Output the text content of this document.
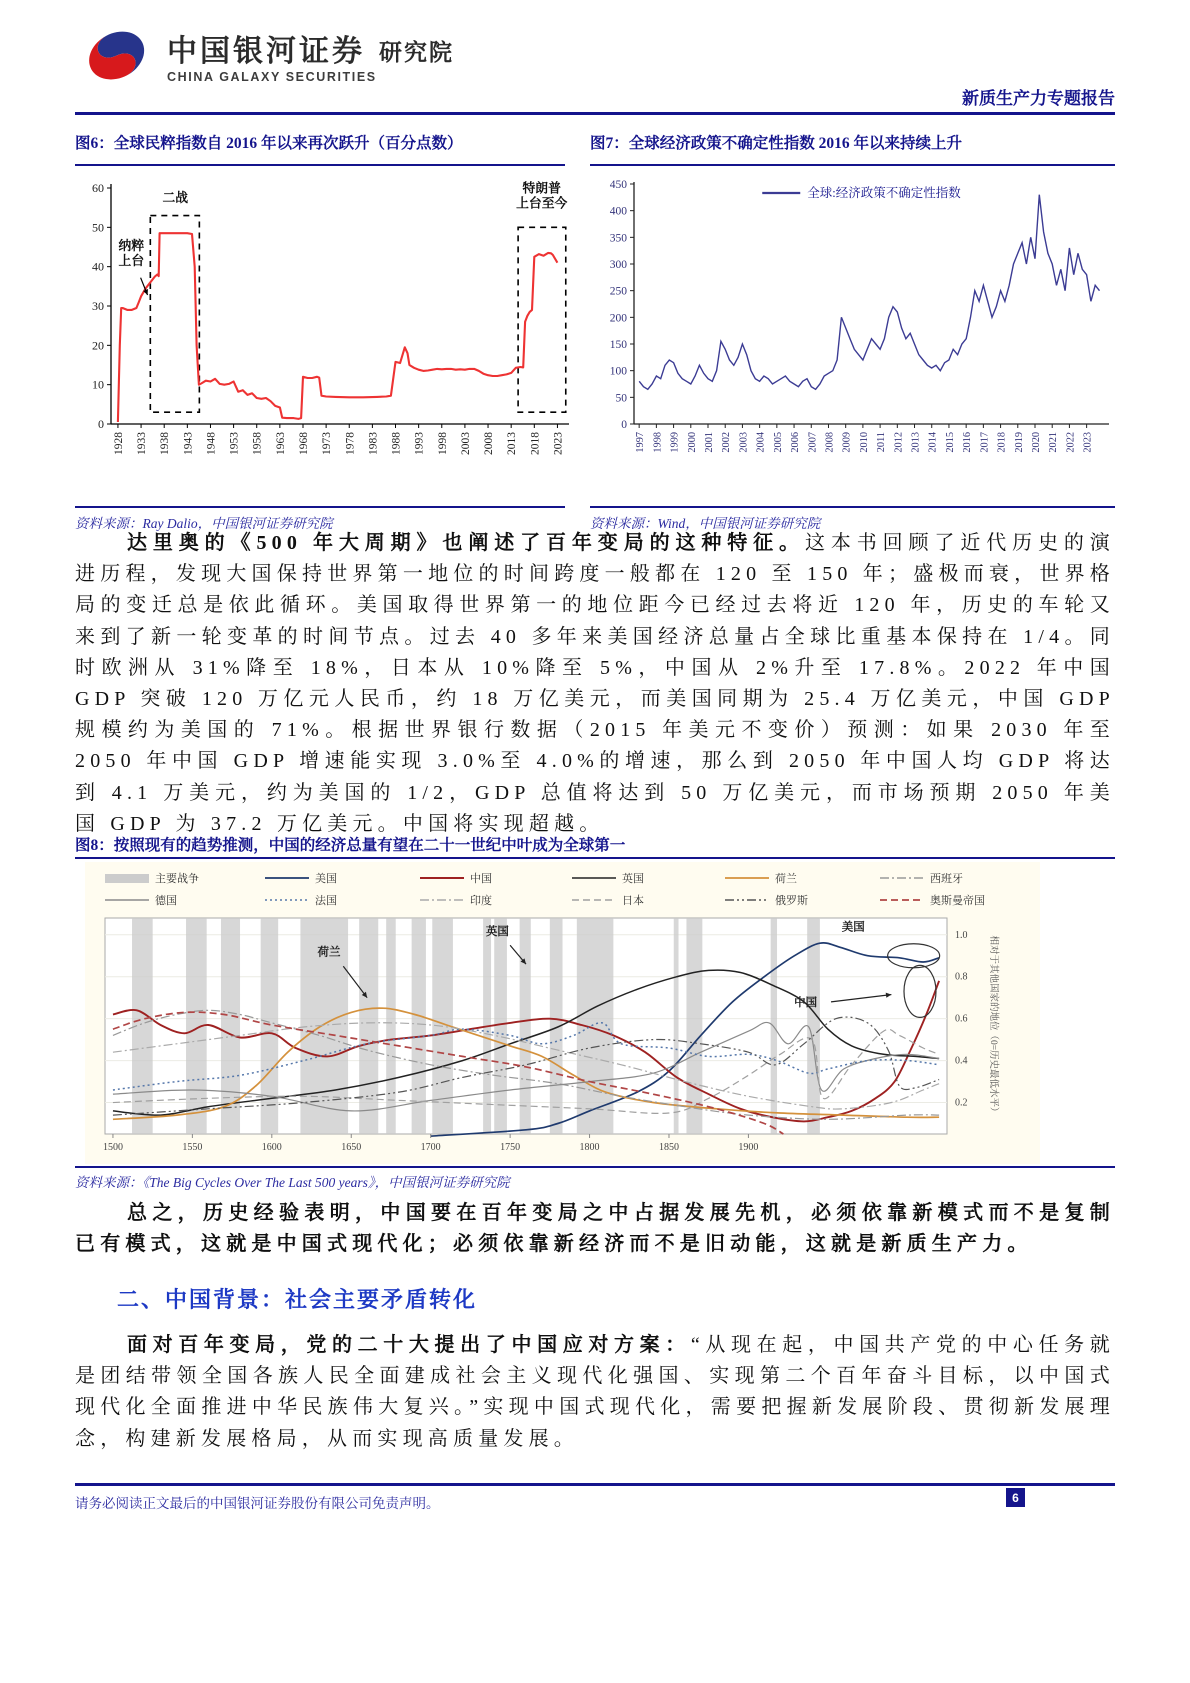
中国银河证券 研究院
CHINA GALAXY SECURITIES
新质生产力专题报告
图6：全球民粹指数自 2016 年以来再次跃升（百分点数）	图7：全球经济政策不确定性指数 2016 年以来持续上升
0
10
20
30
40
50
60
1928 1933 1938 1943 1948 1953 1958 1963 1968 1973 1978 1983 1988 1993 1998 2003 2008 2013 2018 2023
纳粹
上台
二战
特朗普
上台至今
0
50
100
150
200
250
300
350
400
450
1997 1998 1999 2000 2001 2002 2003 2004 2005 2006 2007 2008 2009 2010 2011 2012 2013 2014 2015 2016 2017 2018 2019 2020 2021 2022 2023
全球:经济政策不确定性指数
资料来源：Ray Dalio，中国银河证券研究院	资料来源：Wind，中国银河证券研究院

达里奥的《500 年大周期》也阐述了百年变局的这种特征。这本书回顾了近代历史的演进历程，发现大国保持世界第一地位的时间跨度一般都在 120 至 150 年；盛极而衰，世界格局的变迁总是依此循环。美国取得世界第一的地位距今已经过去将近 120 年，历史的车轮又来到了新一轮变革的时间节点。过去 40 多年来美国经济总量占全球比重基本保持在 1/4。同时欧洲从 31%降至 18%，日本从 10%降至 5%，中国从 2%升至 17.8%。2022 年中国 GDP 突破 120 万亿元人民币，约 18 万亿美元，而美国同期为 25.4 万亿美元，中国 GDP 规模约为美国的 71%。根据世界银行数据（2015 年美元不变价）预测：如果 2030 年至 2050 年中国 GDP 增速能实现 3.0%至 4.0%的增速，那么到 2050 年中国人均 GDP 将达到 4.1 万美元，约为美国的 1/2，GDP 总值将达到 50 万亿美元，而市场预期 2050 年美国 GDP 为 37.2 万亿美元。中国将实现超越。

图8：按照现有的趋势推测，中国的经济总量有望在二十一世纪中叶成为全球第一
主要战争	美国	中国	英国	荷兰	西班牙
德国	法国	印度	日本	俄罗斯	奥斯曼帝国
1500	1550	1600	1650	1700	1750	1800	1850	1900
0.2
0.4
0.6
0.8
1.0
相对于其他国家的地位（0=历史最低水平）
荷兰
英国	美国
中国
资料来源：《The Big Cycles Over The Last 500 years》，中国银河证券研究院

总之，历史经验表明，中国要在百年变局之中占据发展先机，必须依靠新模式而不是复制已有模式，这就是中国式现代化；必须依靠新经济而不是旧动能，这就是新质生产力。

二、中国背景：社会主要矛盾转化

面对百年变局，党的二十大提出了中国应对方案：“从现在起，中国共产党的中心任务就是团结带领全国各族人民全面建成社会主义现代化强国、实现第二个百年奋斗目标，以中国式现代化全面推进中华民族伟大复兴。”实现中国式现代化，需要把握新发展阶段、贯彻新发展理念，构建新发展格局，从而实现高质量发展。

请务必阅读正文最后的中国银河证券股份有限公司免责声明。	6
